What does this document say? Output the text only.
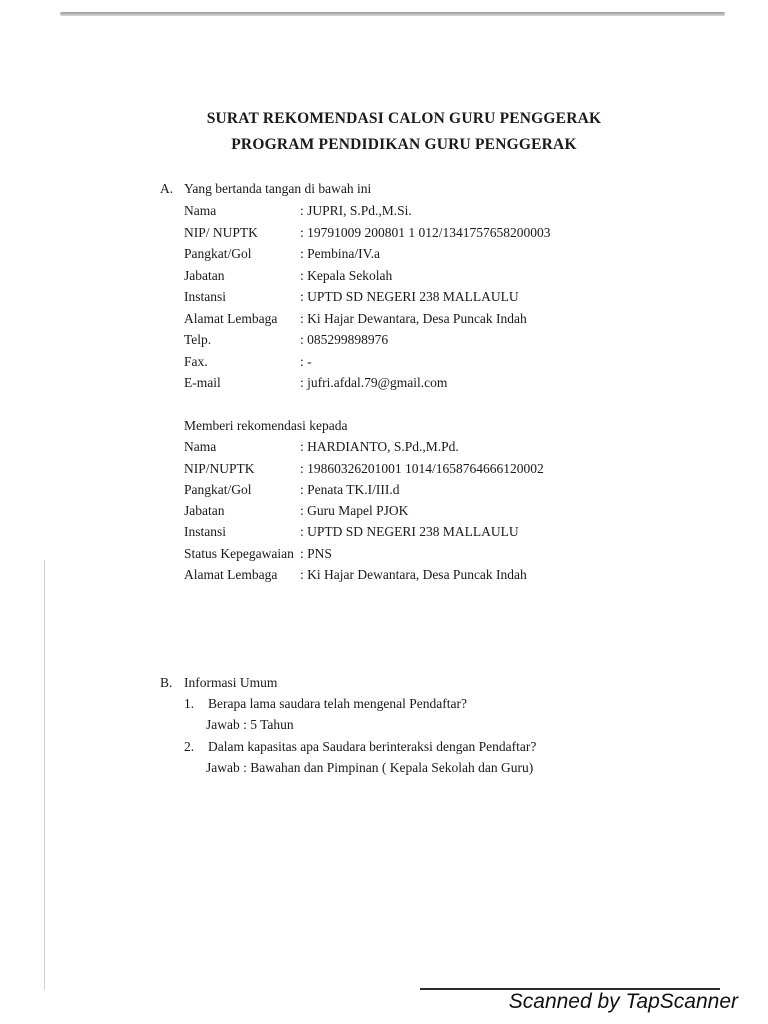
SURAT REKOMENDASI CALON GURU PENGGERAK
PROGRAM PENDIDIKAN GURU PENGGERAK
A. Yang bertanda tangan di bawah ini
Nama	: JUPRI, S.Pd.,M.Si.
NIP/ NUPTK	: 19791009 200801 1 012/1341757658200003
Pangkat/Gol	: Pembina/IV.a
Jabatan	: Kepala Sekolah
Instansi	: UPTD SD NEGERI 238 MALLAULU
Alamat Lembaga : Ki Hajar Dewantara, Desa Puncak Indah
Telp.	: 085299898976
Fax.	: -
E-mail	: jufri.afdal.79@gmail.com
Memberi rekomendasi kepada
Nama	: HARDIANTO, S.Pd.,M.Pd.
NIP/NUPTK	: 19860326201001 1014/1658764666120002
Pangkat/Gol	: Penata TK.I/III.d
Jabatan	: Guru Mapel PJOK
Instansi	: UPTD SD NEGERI 238 MALLAULU
Status Kepegawaian : PNS
Alamat Lembaga : Ki Hajar Dewantara, Desa Puncak Indah
B. Informasi Umum
1. Berapa lama saudara telah mengenal Pendaftar?
Jawab : 5 Tahun
2. Dalam kapasitas apa Saudara berinteraksi dengan Pendaftar?
Jawab : Bawahan dan Pimpinan ( Kepala Sekolah dan Guru)
Scanned by TapScanner
